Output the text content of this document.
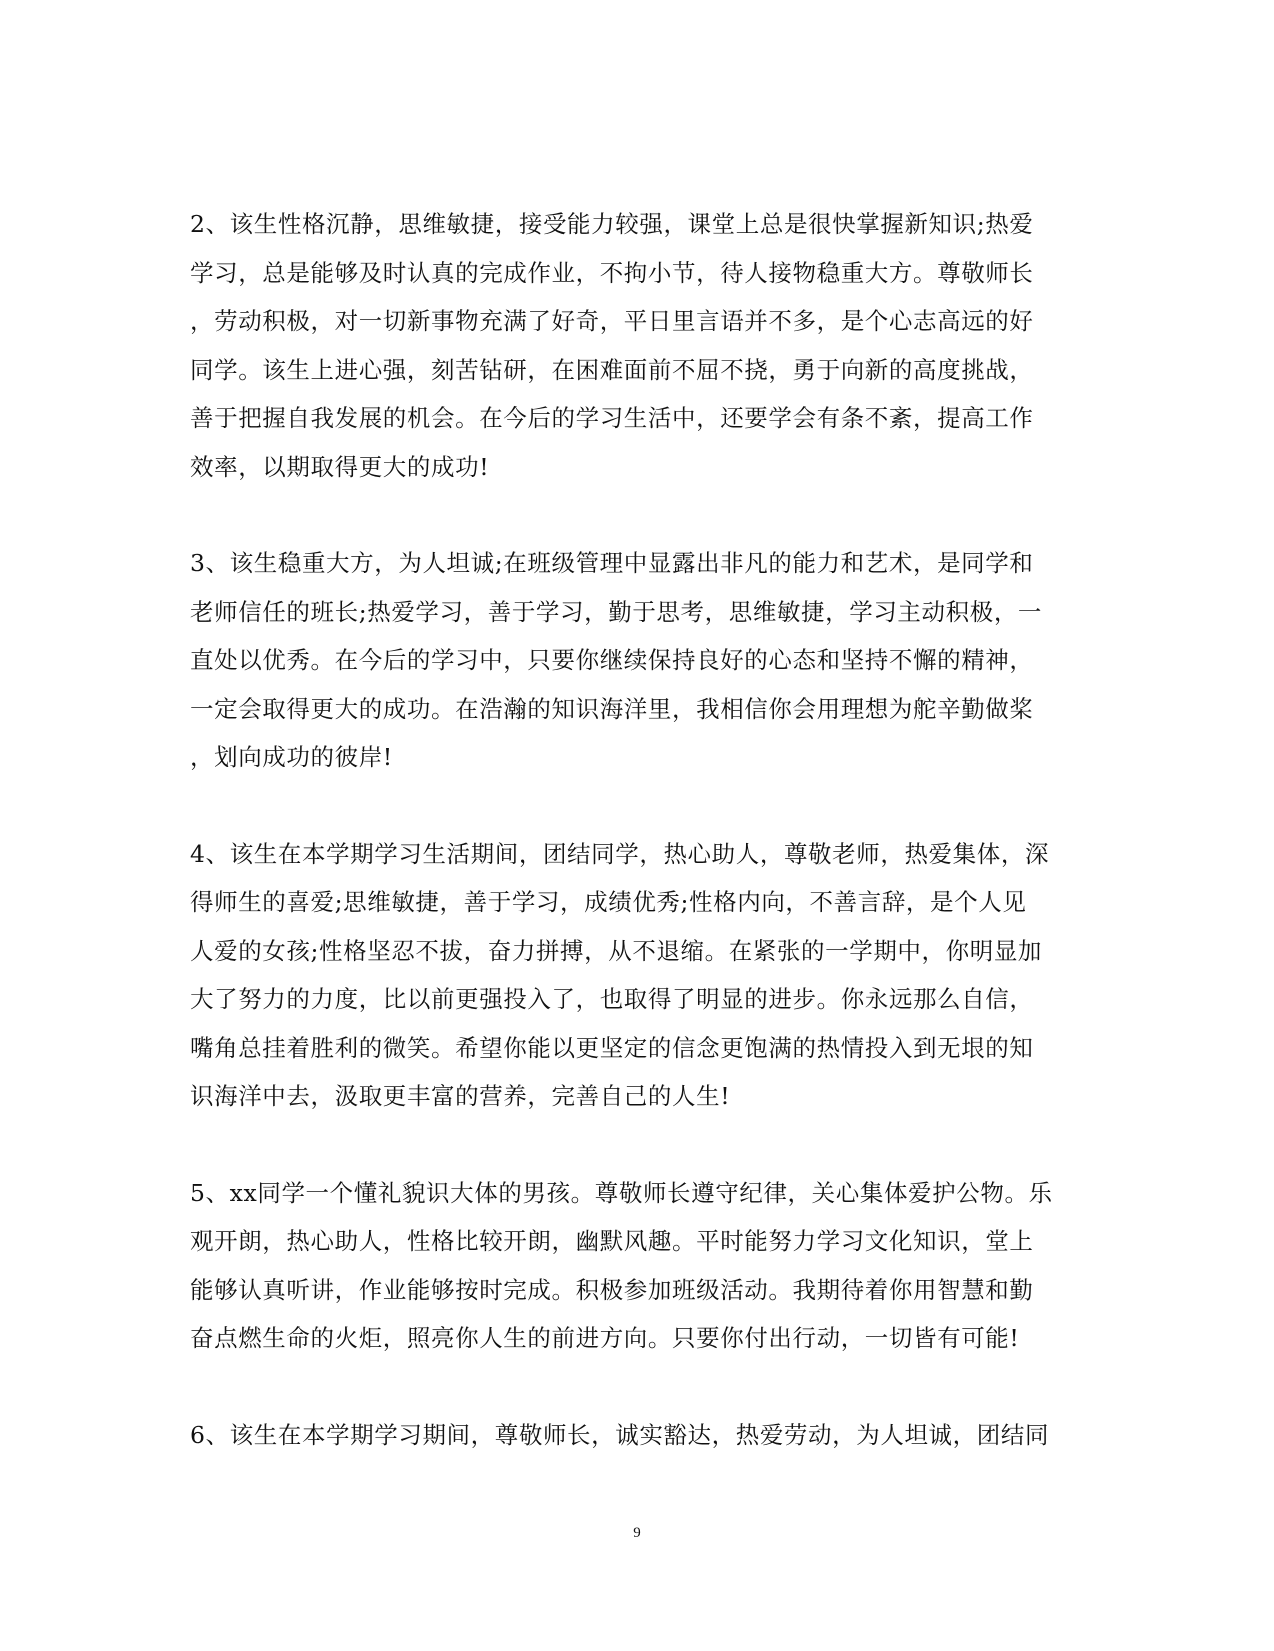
2、该生性格沉静，思维敏捷，接受能力较强，课堂上总是很快掌握新知识;热爱
学习，总是能够及时认真的完成作业，不拘小节，待人接物稳重大方。尊敬师长
，劳动积极，对一切新事物充满了好奇，平日里言语并不多，是个心志高远的好
同学。该生上进心强，刻苦钻研，在困难面前不屈不挠，勇于向新的高度挑战，
善于把握自我发展的机会。在今后的学习生活中，还要学会有条不紊，提高工作
效率，以期取得更大的成功!

3、该生稳重大方，为人坦诚;在班级管理中显露出非凡的能力和艺术，是同学和
老师信任的班长;热爱学习，善于学习，勤于思考，思维敏捷，学习主动积极，一
直处以优秀。在今后的学习中，只要你继续保持良好的心态和坚持不懈的精神，
一定会取得更大的成功。在浩瀚的知识海洋里，我相信你会用理想为舵辛勤做桨
，划向成功的彼岸!

4、该生在本学期学习生活期间，团结同学，热心助人，尊敬老师，热爱集体，深
得师生的喜爱;思维敏捷，善于学习，成绩优秀;性格内向，不善言辞，是个人见
人爱的女孩;性格坚忍不拔，奋力拼搏，从不退缩。在紧张的一学期中，你明显加
大了努力的力度，比以前更强投入了，也取得了明显的进步。你永远那么自信，
嘴角总挂着胜利的微笑。希望你能以更坚定的信念更饱满的热情投入到无垠的知
识海洋中去，汲取更丰富的营养，完善自己的人生!

5、xx同学一个懂礼貌识大体的男孩。尊敬师长遵守纪律，关心集体爱护公物。乐
观开朗，热心助人，性格比较开朗，幽默风趣。平时能努力学习文化知识，堂上
能够认真听讲，作业能够按时完成。积极参加班级活动。我期待着你用智慧和勤
奋点燃生命的火炬，照亮你人生的前进方向。只要你付出行动，一切皆有可能!

6、该生在本学期学习期间，尊敬师长，诚实豁达，热爱劳动，为人坦诚，团结同

9
